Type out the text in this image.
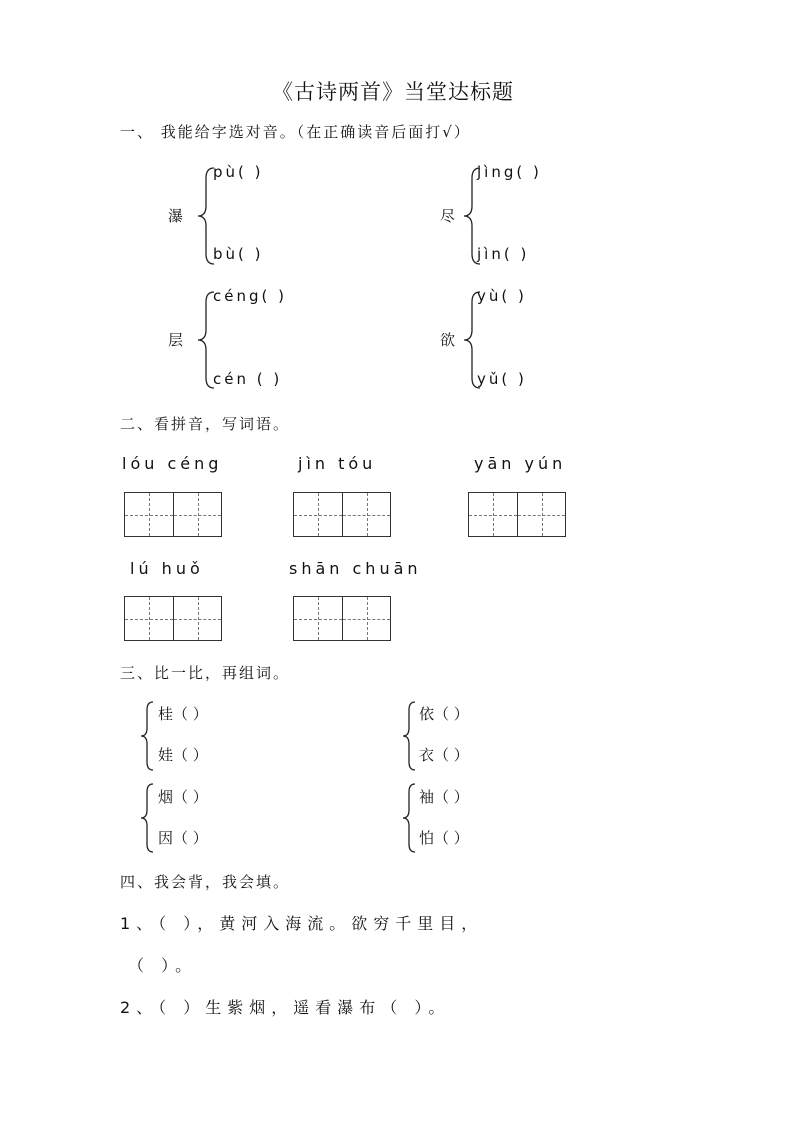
《古诗两首》当堂达标题
一、 我能给字选对音。（在正确读音后面打√）
瀑
pù( )
bù( )
尽
jìng( )
jìn( )
层
céng( )
cén ( )
欲
yù( )
yǔ( )
二、看拼音，写词语。
lóu céng	jìn tóu	yān yún
lú huǒ	shān chuān
三、比一比，再组词。
桂（ ）
娃（ ）
依（ ）
衣（ ）
烟（ ）
因（ ）
袖（ ）
怕（ ）
四、我会背，我会填。
1、（ ），黄河入海流。欲穷千里目，
（ ）。
2、（ ）生紫烟，遥看瀑布（ ）。
